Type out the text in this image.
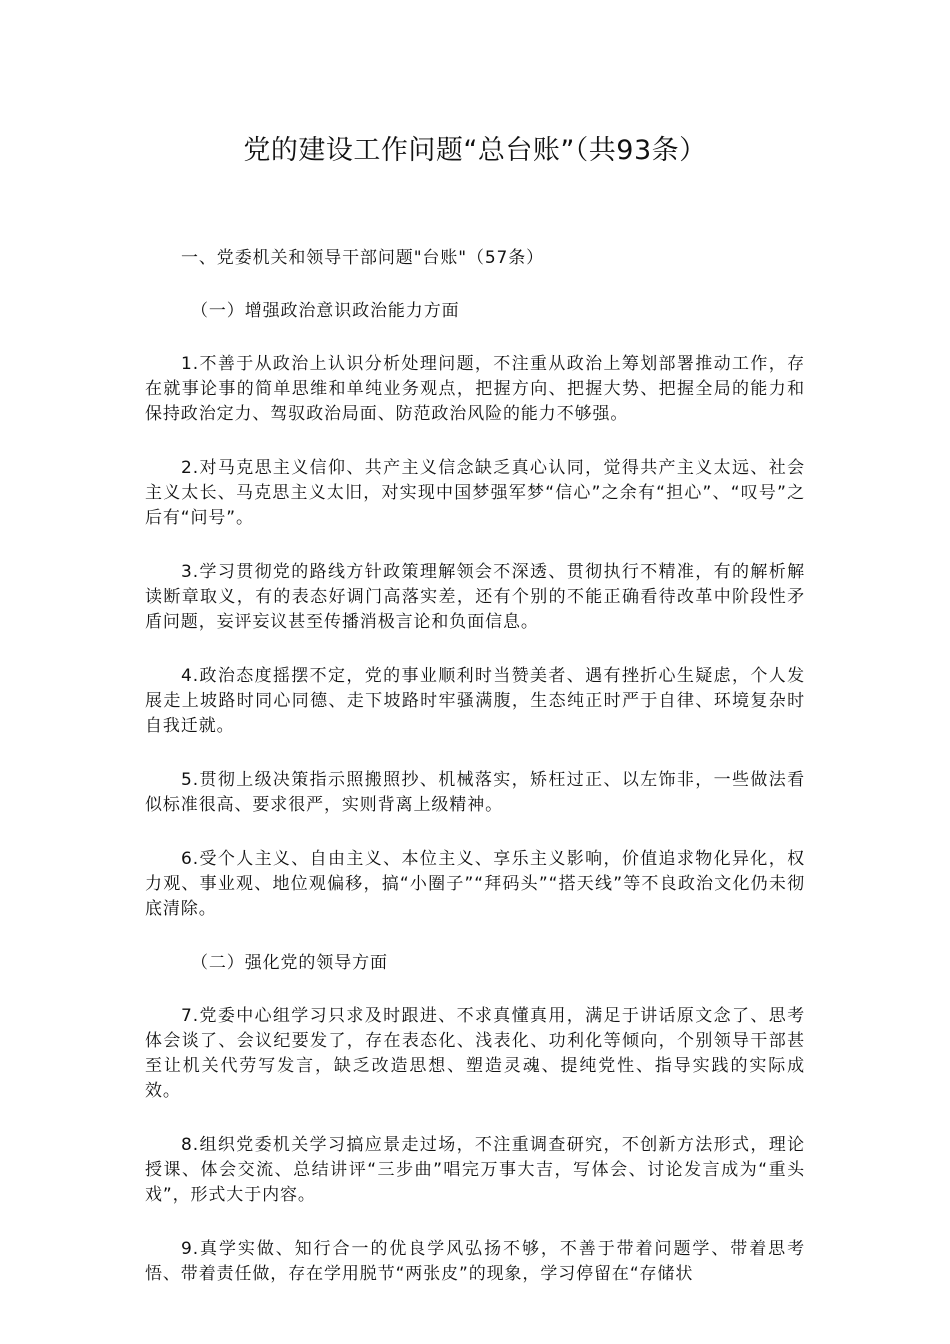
党的建设工作问题“总台账”（共93条）

一、党委机关和领导干部问题"台账"（57条）

（一）增强政治意识政治能力方面

1.不善于从政治上认识分析处理问题，不注重从政治上筹划部署推动工作，存在就事论事的简单思维和单纯业务观点，把握方向、把握大势、把握全局的能力和保持政治定力、驾驭政治局面、防范政治风险的能力不够强。

2.对马克思主义信仰、共产主义信念缺乏真心认同，觉得共产主义太远、社会主义太长、马克思主义太旧，对实现中国梦强军梦“信心”之余有“担心”、“叹号”之后有“问号”。

3.学习贯彻党的路线方针政策理解领会不深透、贯彻执行不精准，有的解析解读断章取义，有的表态好调门高落实差，还有个别的不能正确看待改革中阶段性矛盾问题，妄评妄议甚至传播消极言论和负面信息。

4.政治态度摇摆不定，党的事业顺利时当赞美者、遇有挫折心生疑虑，个人发展走上坡路时同心同德、走下坡路时牢骚满腹，生态纯正时严于自律、环境复杂时自我迁就。

5.贯彻上级决策指示照搬照抄、机械落实，矫枉过正、以左饰非，一些做法看似标准很高、要求很严，实则背离上级精神。

6.受个人主义、自由主义、本位主义、享乐主义影响，价值追求物化异化，权力观、事业观、地位观偏移，搞“小圈子”“拜码头”“搭天线”等不良政治文化仍未彻底清除。

（二）强化党的领导方面

7.党委中心组学习只求及时跟进、不求真懂真用，满足于讲话原文念了、思考体会谈了、会议纪要发了，存在表态化、浅表化、功利化等倾向，个别领导干部甚至让机关代劳写发言，缺乏改造思想、塑造灵魂、提纯党性、指导实践的实际成效。

8.组织党委机关学习搞应景走过场，不注重调查研究，不创新方法形式，理论授课、体会交流、总结讲评“三步曲”唱完万事大吉，写体会、讨论发言成为“重头戏”，形式大于内容。

9.真学实做、知行合一的优良学风弘扬不够，不善于带着问题学、带着思考悟、带着责任做，存在学用脱节“两张皮”的现象，学习停留在“存储状
